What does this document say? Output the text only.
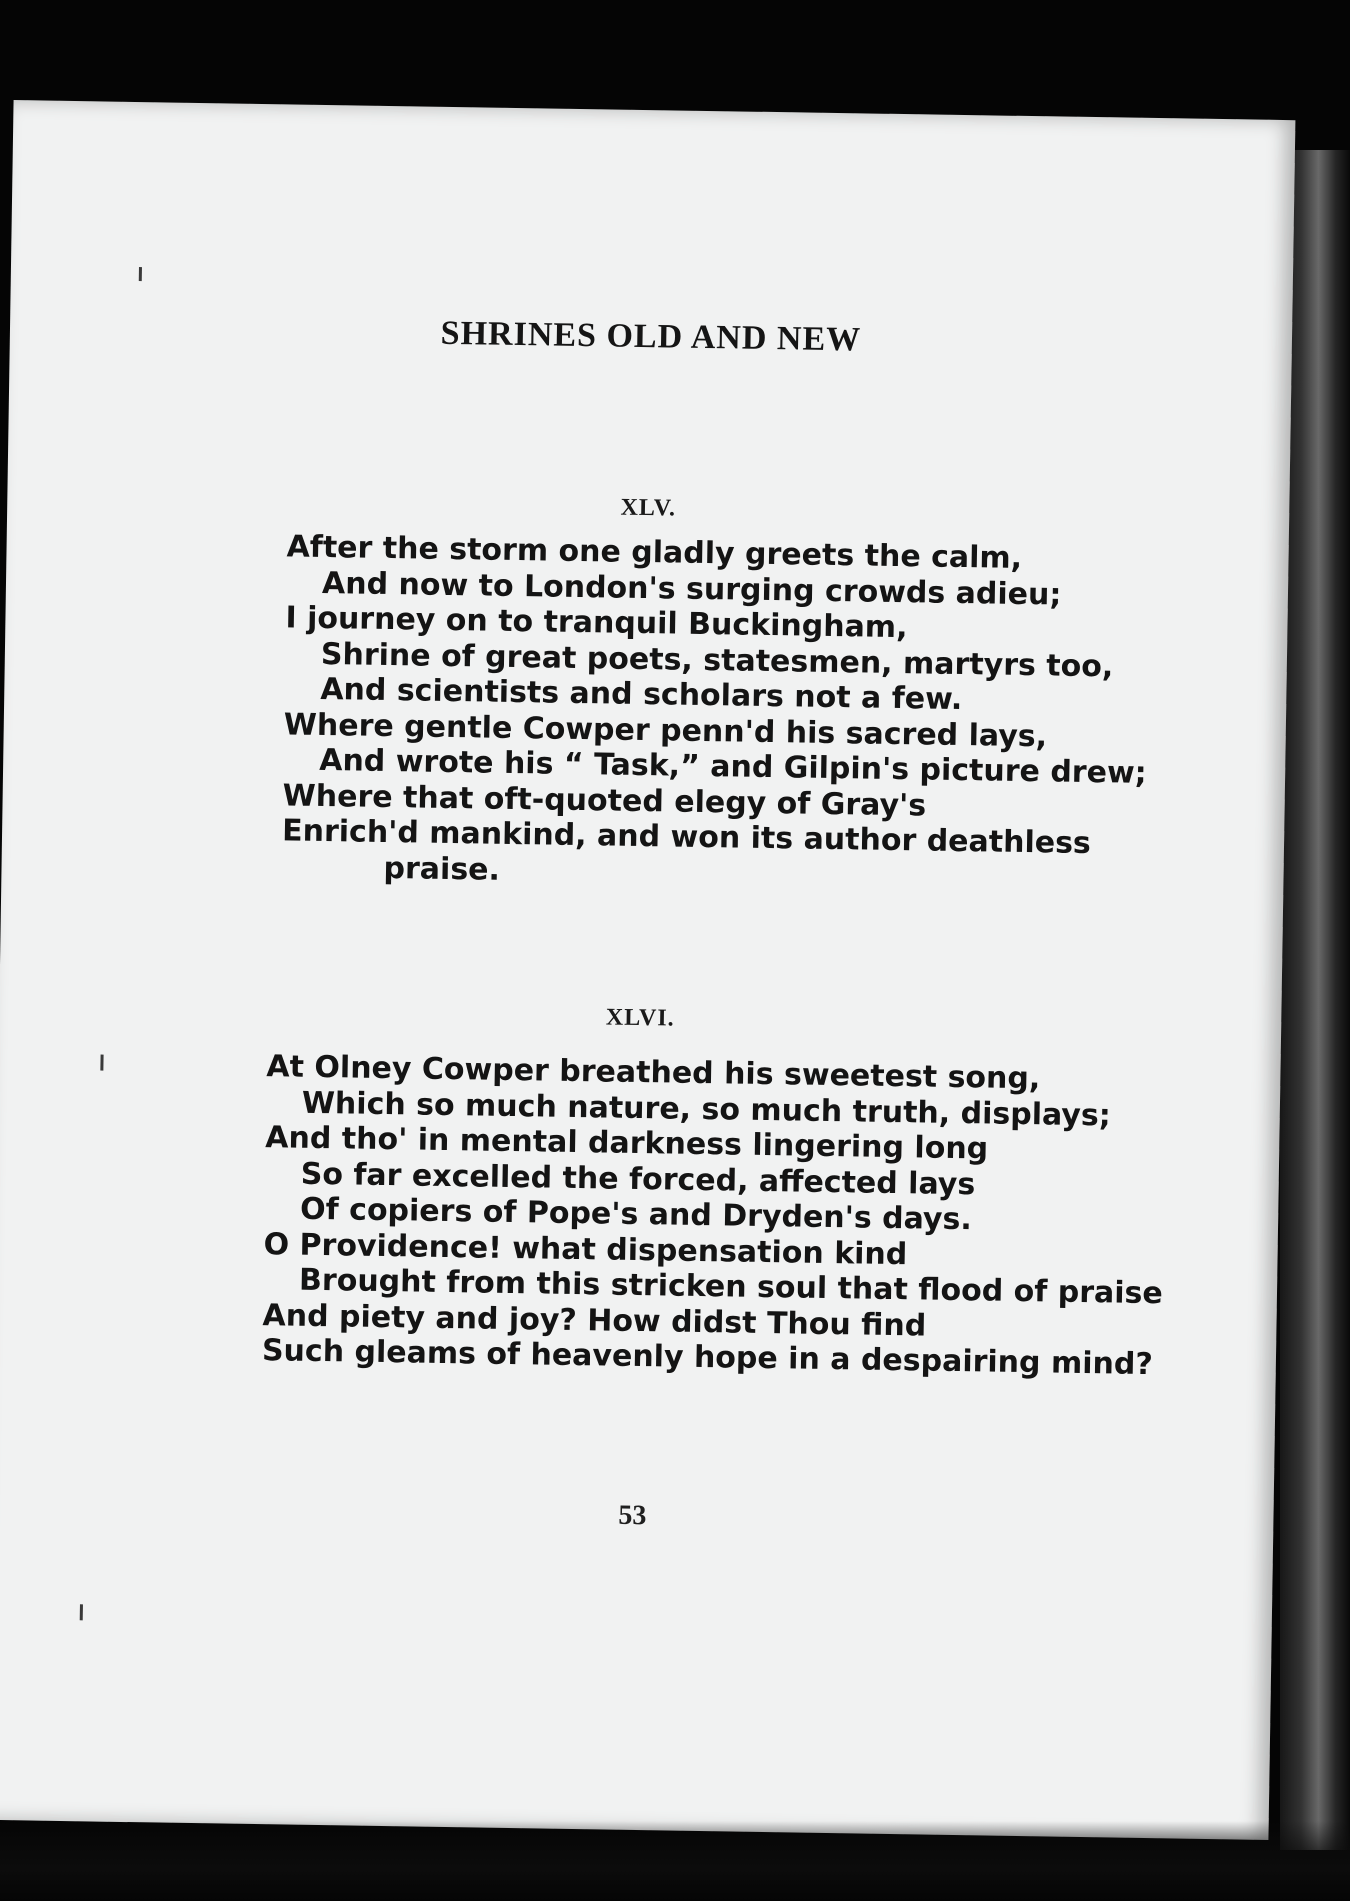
SHRINES OLD AND NEW
XLV.
After the storm one gladly greets the calm,
And now to London's surging crowds adieu;
I journey on to tranquil Buckingham,
Shrine of great poets, statesmen, martyrs too,
And scientists and scholars not a few.
Where gentle Cowper penn'd his sacred lays,
And wrote his “ Task,” and Gilpin's picture drew;
Where that oft-quoted elegy of Gray's
Enrich'd mankind, and won its author deathless
praise.
XLVI.
At Olney Cowper breathed his sweetest song,
Which so much nature, so much truth, displays;
And tho' in mental darkness lingering long
So far excelled the forced, affected lays
Of copiers of Pope's and Dryden's days.
O Providence! what dispensation kind
Brought from this stricken soul that flood of praise
And piety and joy? How didst Thou find
Such gleams of heavenly hope in a despairing mind?
53
